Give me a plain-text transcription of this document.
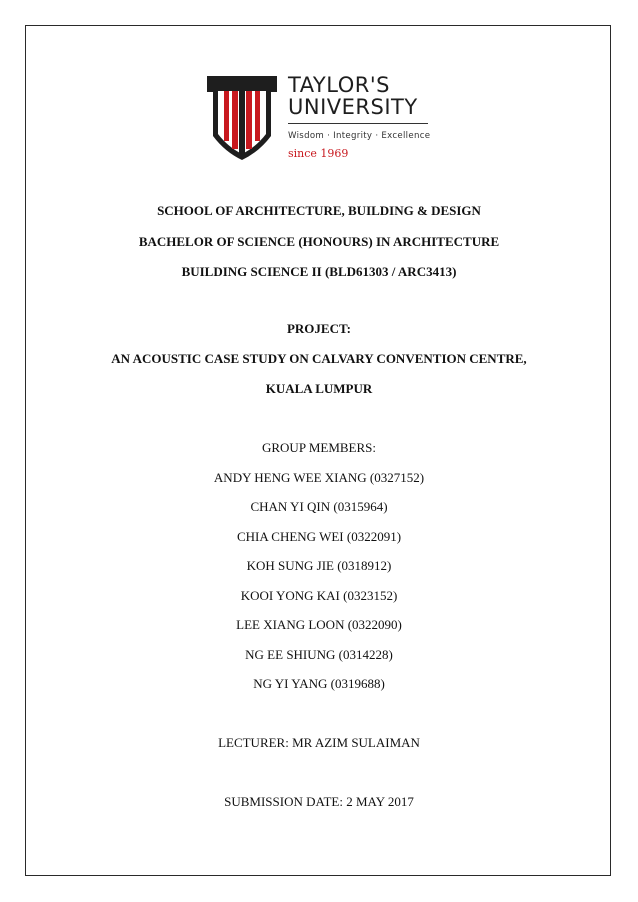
TAYLOR'S
UNIVERSITY
Wisdom · Integrity · Excellence
since 1969
SCHOOL OF ARCHITECTURE, BUILDING & DESIGN
BACHELOR OF SCIENCE (HONOURS) IN ARCHITECTURE
BUILDING SCIENCE II (BLD61303 / ARC3413)
PROJECT:
AN ACOUSTIC CASE STUDY ON CALVARY CONVENTION CENTRE,
KUALA LUMPUR
GROUP MEMBERS:
ANDY HENG WEE XIANG (0327152)
CHAN YI QIN (0315964)
CHIA CHENG WEI (0322091)
KOH SUNG JIE (0318912)
KOOI YONG KAI (0323152)
LEE XIANG LOON (0322090)
NG EE SHIUNG (0314228)
NG YI YANG (0319688)
LECTURER: MR AZIM SULAIMAN
SUBMISSION DATE: 2 MAY 2017
